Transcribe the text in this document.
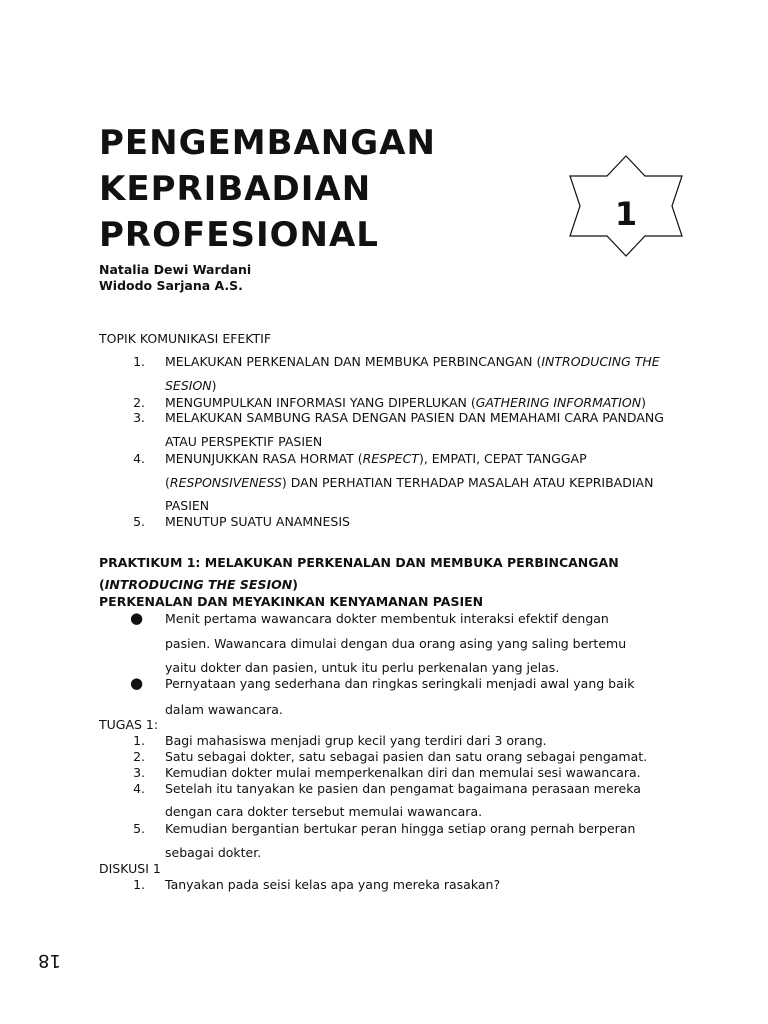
PENGEMBANGAN
KEPRIBADIAN
PROFESIONAL
1
Natalia Dewi Wardani
Widodo Sarjana A.S.
TOPIK KOMUNIKASI EFEKTIF
1. MELAKUKAN PERKENALAN DAN MEMBUKA PERBINCANGAN (INTRODUCING THE
SESION)
2. MENGUMPULKAN INFORMASI YANG DIPERLUKAN (GATHERING INFORMATION)
3. MELAKUKAN SAMBUNG RASA DENGAN PASIEN DAN MEMAHAMI CARA PANDANG
ATAU PERSPEKTIF PASIEN
4. MENUNJUKKAN RASA HORMAT (RESPECT), EMPATI, CEPAT TANGGAP
(RESPONSIVENESS) DAN PERHATIAN TERHADAP MASALAH ATAU KEPRIBADIAN
PASIEN
5. MENUTUP SUATU ANAMNESIS
PRAKTIKUM 1: MELAKUKAN PERKENALAN DAN MEMBUKA PERBINCANGAN
(INTRODUCING THE SESION)
PERKENALAN DAN MEYAKINKAN KENYAMANAN PASIEN
● Menit pertama wawancara dokter membentuk interaksi efektif dengan
pasien. Wawancara dimulai dengan dua orang asing yang saling bertemu
yaitu dokter dan pasien, untuk itu perlu perkenalan yang jelas.
● Pernyataan yang sederhana dan ringkas seringkali menjadi awal yang baik
dalam wawancara.
TUGAS 1:
1. Bagi mahasiswa menjadi grup kecil yang terdiri dari 3 orang.
2. Satu sebagai dokter, satu sebagai pasien dan satu orang sebagai pengamat.
3. Kemudian dokter mulai memperkenalkan diri dan memulai sesi wawancara.
4. Setelah itu tanyakan ke pasien dan pengamat bagaimana perasaan mereka
dengan cara dokter tersebut memulai wawancara.
5. Kemudian bergantian bertukar peran hingga setiap orang pernah berperan
sebagai dokter.
DISKUSI 1
1. Tanyakan pada seisi kelas apa yang mereka rasakan?
18
